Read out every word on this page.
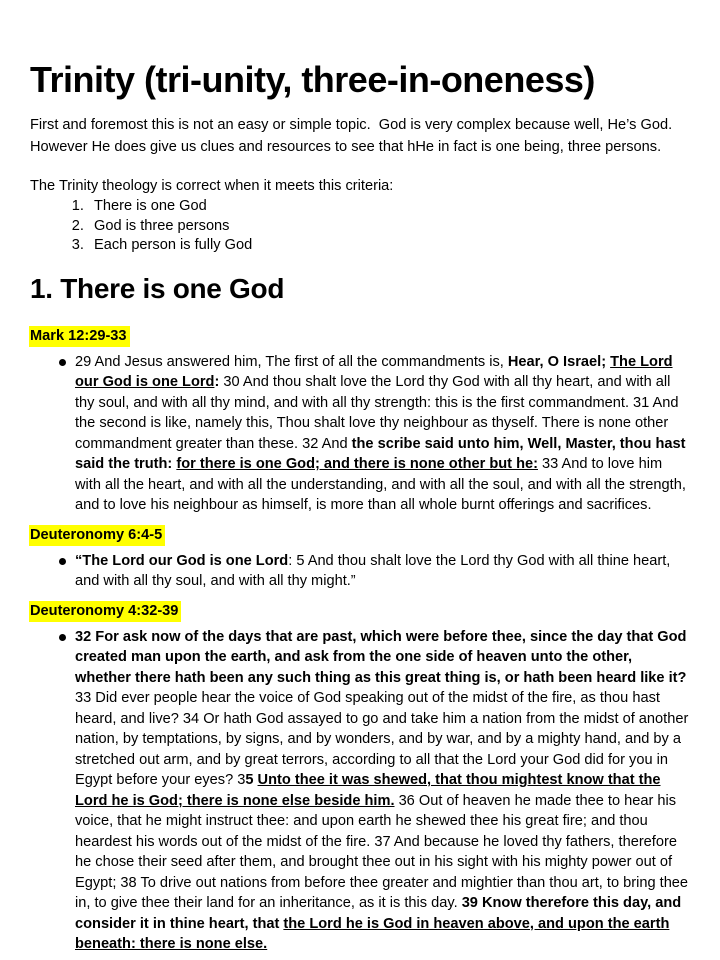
Trinity (tri-unity, three-in-oneness)

First and foremost this is not an easy or simple topic.  God is very complex because well, He’s God. However He does give us clues and resources to see that hHe in fact is one being, three persons.

The Trinity theology is correct when it meets this criteria:

1. There is one God
2. God is three persons
3. Each person is fully God
1. There is one God
Mark 12:29-33
29 And Jesus answered him, The first of all the commandments is, Hear, O Israel; The Lord our God is one Lord: 30 And thou shalt love the Lord thy God with all thy heart, and with all thy soul, and with all thy mind, and with all thy strength: this is the first commandment. 31 And the second is like, namely this, Thou shalt love thy neighbour as thyself. There is none other commandment greater than these. 32 And the scribe said unto him, Well, Master, thou hast said the truth: for there is one God; and there is none other but he: 33 And to love him with all the heart, and with all the understanding, and with all the soul, and with all the strength, and to love his neighbour as himself, is more than all whole burnt offerings and sacrifices.
Deuteronomy 6:4-5
“The Lord our God is one Lord: 5 And thou shalt love the Lord thy God with all thine heart, and with all thy soul, and with all thy might.”
Deuteronomy 4:32-39
32 For ask now of the days that are past, which were before thee, since the day that God created man upon the earth, and ask from the one side of heaven unto the other, whether there hath been any such thing as this great thing is, or hath been heard like it? 33 Did ever people hear the voice of God speaking out of the midst of the fire, as thou hast heard, and live? 34 Or hath God assayed to go and take him a nation from the midst of another nation, by temptations, by signs, and by wonders, and by war, and by a mighty hand, and by a stretched out arm, and by great terrors, according to all that the Lord your God did for you in Egypt before your eyes? 35 Unto thee it was shewed, that thou mightest know that the Lord he is God; there is none else beside him. 36 Out of heaven he made thee to hear his voice, that he might instruct thee: and upon earth he shewed thee his great fire; and thou heardest his words out of the midst of the fire. 37 And because he loved thy fathers, therefore he chose their seed after them, and brought thee out in his sight with his mighty power out of Egypt; 38 To drive out nations from before thee greater and mightier than thou art, to bring thee in, to give thee their land for an inheritance, as it is this day. 39 Know therefore this day, and consider it in thine heart, that the Lord he is God in heaven above, and upon the earth beneath: there is none else.
